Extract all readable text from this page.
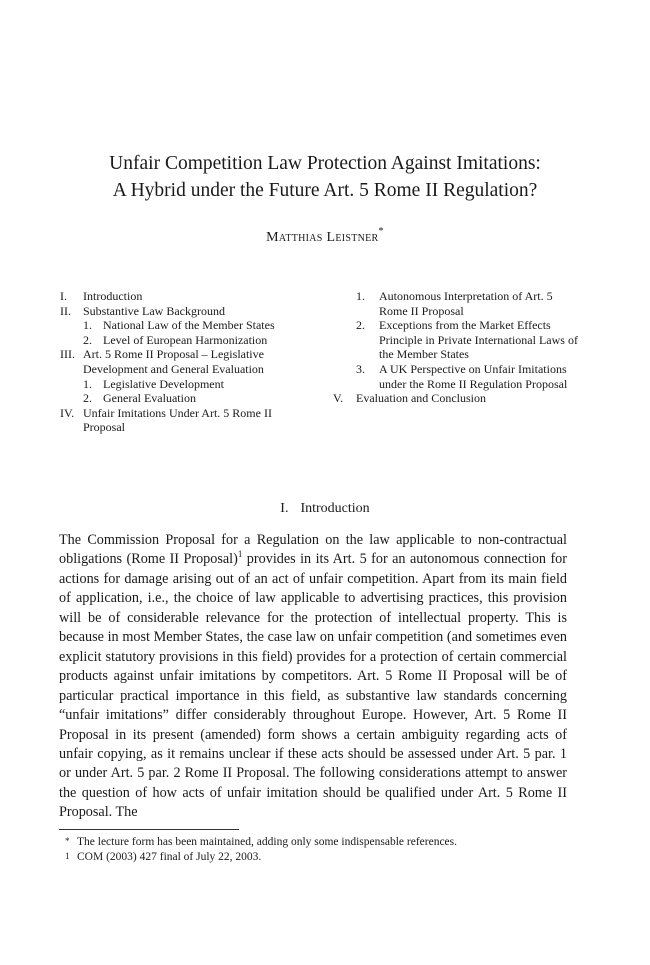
Unfair Competition Law Protection Against Imitations:
A Hybrid under the Future Art. 5 Rome II Regulation?
Matthias Leistner*
I.	Introduction
II.	Substantive Law Background
1. National Law of the Member States
2. Level of European Harmonization
III. Art. 5 Rome II Proposal – Legislative Development and General Evaluation
1. Legislative Development
2. General Evaluation
IV. Unfair Imitations Under Art. 5 Rome II Proposal
1.	Autonomous Interpretation of Art. 5 Rome II Proposal
2.	Exceptions from the Market Effects Principle in Private International Laws of the Member States
3.	A UK Perspective on Unfair Imitations under the Rome II Regulation Proposal
V.	Evaluation and Conclusion
I. Introduction
The Commission Proposal for a Regulation on the law applicable to non-contractual obligations (Rome II Proposal)$^1$ provides in its Art. 5 for an autonomous connection for actions for damage arising out of an act of unfair competition. Apart from its main field of application, i.e., the choice of law applicable to advertising practices, this provision will be of considerable relevance for the protection of intellectual property. This is because in most Member States, the case law on unfair competition (and sometimes even explicit statutory provisions in this field) provides for a protection of certain commercial products against unfair imitations by competitors. Art. 5 Rome II Proposal will be of particular practical importance in this field, as substantive law standards concerning “unfair imitations” differ considerably throughout Europe. However, Art. 5 Rome II Proposal in its present (amended) form shows a certain ambiguity regarding acts of unfair copying, as it remains unclear if these acts should be assessed under Art. 5 par. 1 or under Art. 5 par. 2 Rome II Proposal. The following considerations attempt to answer the question of how acts of unfair imitation should be qualified under Art. 5 Rome II Proposal. The
* The lecture form has been maintained, adding only some indispensable references.
1 COM (2003) 427 final of July 22, 2003.
